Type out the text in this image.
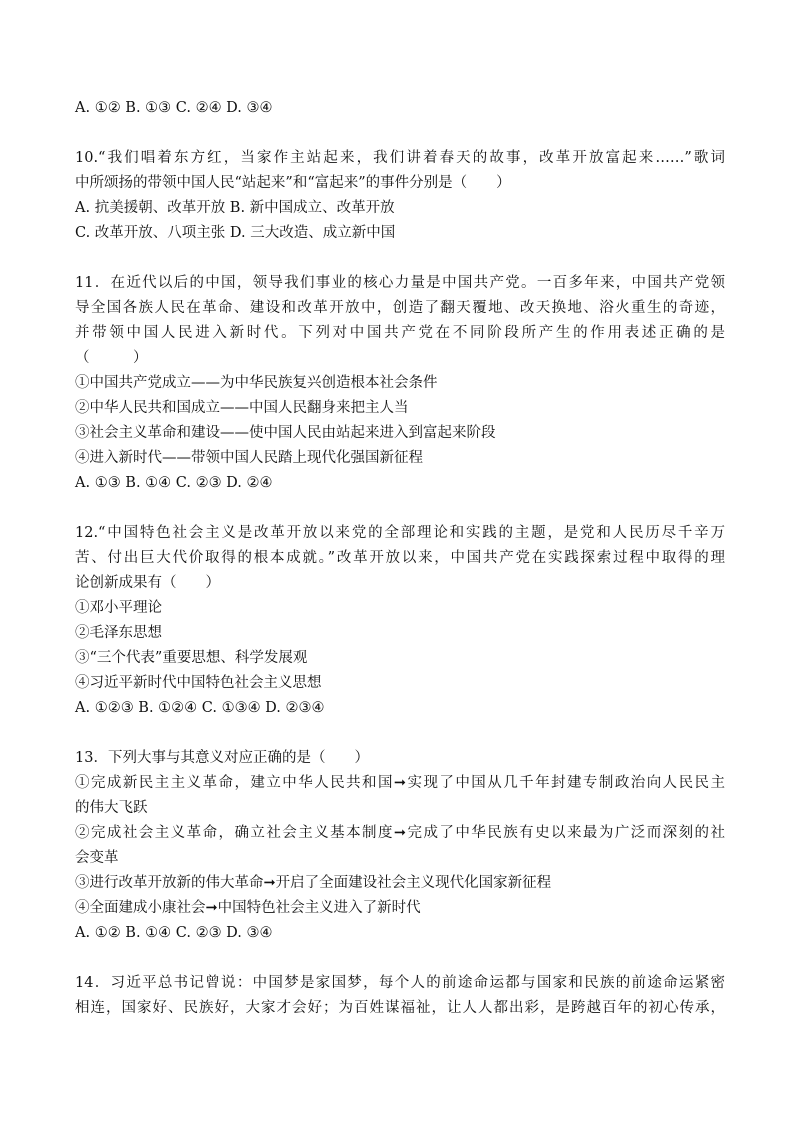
A. ①② B. ①③ C. ②④ D. ③④
10.“我们唱着东方红，当家作主站起来，我们讲着春天的故事，改革开放富起来……”歌词
中所颂扬的带领中国人民“站起来”和“富起来”的事件分别是（　　）
A. 抗美援朝、改革开放 B. 新中国成立、改革开放
C. 改革开放、八项主张 D. 三大改造、成立新中国
11．在近代以后的中国，领导我们事业的核心力量是中国共产党。一百多年来，中国共产党领
导全国各族人民在革命、建设和改革开放中，创造了翻天覆地、改天换地、浴火重生的奇迹，
并带领中国人民进入新时代。下列对中国共产党在不同阶段所产生的作用表述正确的是
（　　　）
①中国共产党成立——为中华民族复兴创造根本社会条件
②中华人民共和国成立——中国人民翻身来把主人当
③社会主义革命和建设——使中国人民由站起来进入到富起来阶段
④进入新时代——带领中国人民踏上现代化强国新征程
A. ①③ B. ①④ C. ②③ D. ②④
12.“中国特色社会主义是改革开放以来党的全部理论和实践的主题，是党和人民历尽千辛万
苦、付出巨大代价取得的根本成就。”改革开放以来，中国共产党在实践探索过程中取得的理
论创新成果有（　　）
①邓小平理论
②毛泽东思想
③“三个代表”重要思想、科学发展观
④习近平新时代中国特色社会主义思想
A. ①②③ B. ①②④ C. ①③④ D. ②③④
13．下列大事与其意义对应正确的是（　　）
①完成新民主主义革命，建立中华人民共和国➞实现了中国从几千年封建专制政治向人民民主
的伟大飞跃
②完成社会主义革命，确立社会主义基本制度➞完成了中华民族有史以来最为广泛而深刻的社
会变革
③进行改革开放新的伟大革命➞开启了全面建设社会主义现代化国家新征程
④全面建成小康社会➞中国特色社会主义进入了新时代
A. ①② B. ①④ C. ②③ D. ③④
14．习近平总书记曾说：中国梦是家国梦，每个人的前途命运都与国家和民族的前途命运紧密
相连，国家好、民族好，大家才会好；为百姓谋福祉，让人人都出彩，是跨越百年的初心传承，
